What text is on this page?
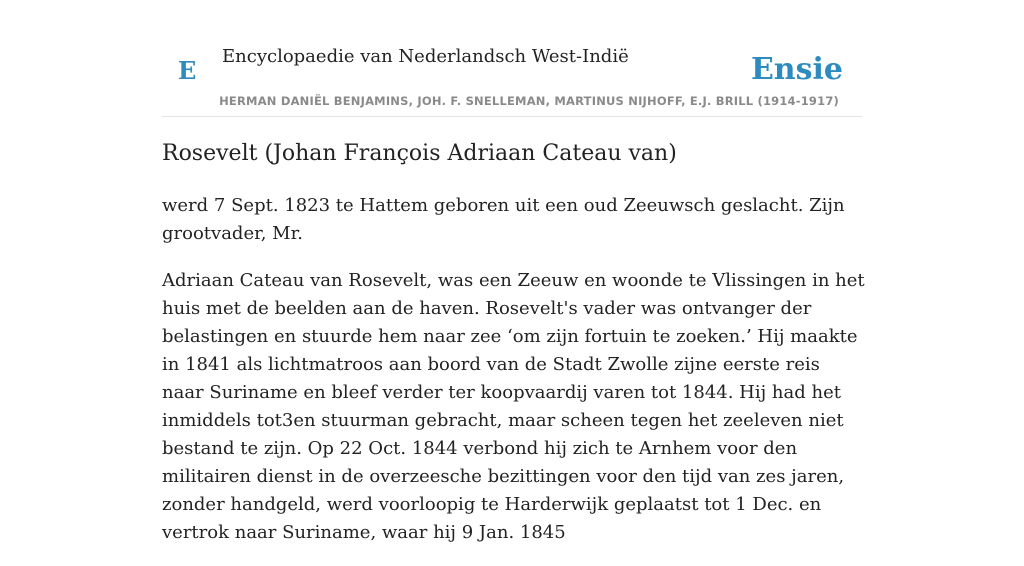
E Encyclopaedie van Nederlandsch West-Indië	Ensie
HERMAN DANIËL BENJAMINS, JOH. F. SNELLEMAN, MARTINUS NIJHOFF, E.J. BRILL (1914-1917)
Rosevelt (Johan François Adriaan Cateau van)

werd 7 Sept. 1823 te Hattem geboren uit een oud Zeeuwsch geslacht. Zijn grootvader, Mr.

Adriaan Cateau van Rosevelt, was een Zeeuw en woonde te Vlissingen in het huis met de beelden aan de haven. Rosevelt's vader was ontvanger der belastingen en stuurde hem naar zee ‘om zijn fortuin te zoeken.’ Hij maakte in 1841 als lichtmatroos aan boord van de Stadt Zwolle zijne eerste reis naar Suriname en bleef verder ter koopvaardij varen tot 1844. Hij had het inmiddels tot3en stuurman gebracht, maar scheen tegen het zeeleven niet bestand te zijn. Op 22 Oct. 1844 verbond hij zich te Arnhem voor den militairen dienst in de overzeesche bezittingen voor den tijd van zes jaren, zonder handgeld, werd voorloopig te Harderwijk geplaatst tot 1 Dec. en vertrok naar Suriname, waar hij 9 Jan. 1845
